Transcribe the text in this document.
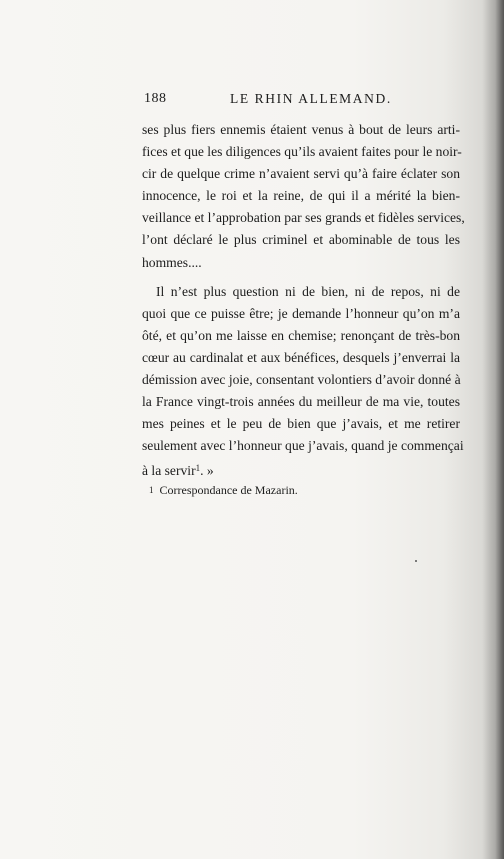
188	LE RHIN ALLEMAND.
ses plus fiers ennemis étaient venus à bout de leurs arti-
fices et que les diligences qu’ils avaient faites pour le noir-
cir de quelque crime n’avaient servi qu’à faire éclater son
innocence, le roi et la reine, de qui il a mérité la bien-
veillance et l’approbation par ses grands et fidèles services,
l’ont déclaré le plus criminel et abominable de tous les
hommes....
Il n’est plus question ni de bien, ni de repos, ni de
quoi que ce puisse être; je demande l’honneur qu’on m’a
ôté, et qu’on me laisse en chemise; renonçant de très-bon
cœur au cardinalat et aux bénéfices, desquels j’enverrai la
démission avec joie, consentant volontiers d’avoir donné à
la France vingt-trois années du meilleur de ma vie, toutes
mes peines et le peu de bien que j’avais, et me retirer
seulement avec l’honneur que j’avais, quand je commençai
à la servir$^1$. »
1 Correspondance de Mazarin.
